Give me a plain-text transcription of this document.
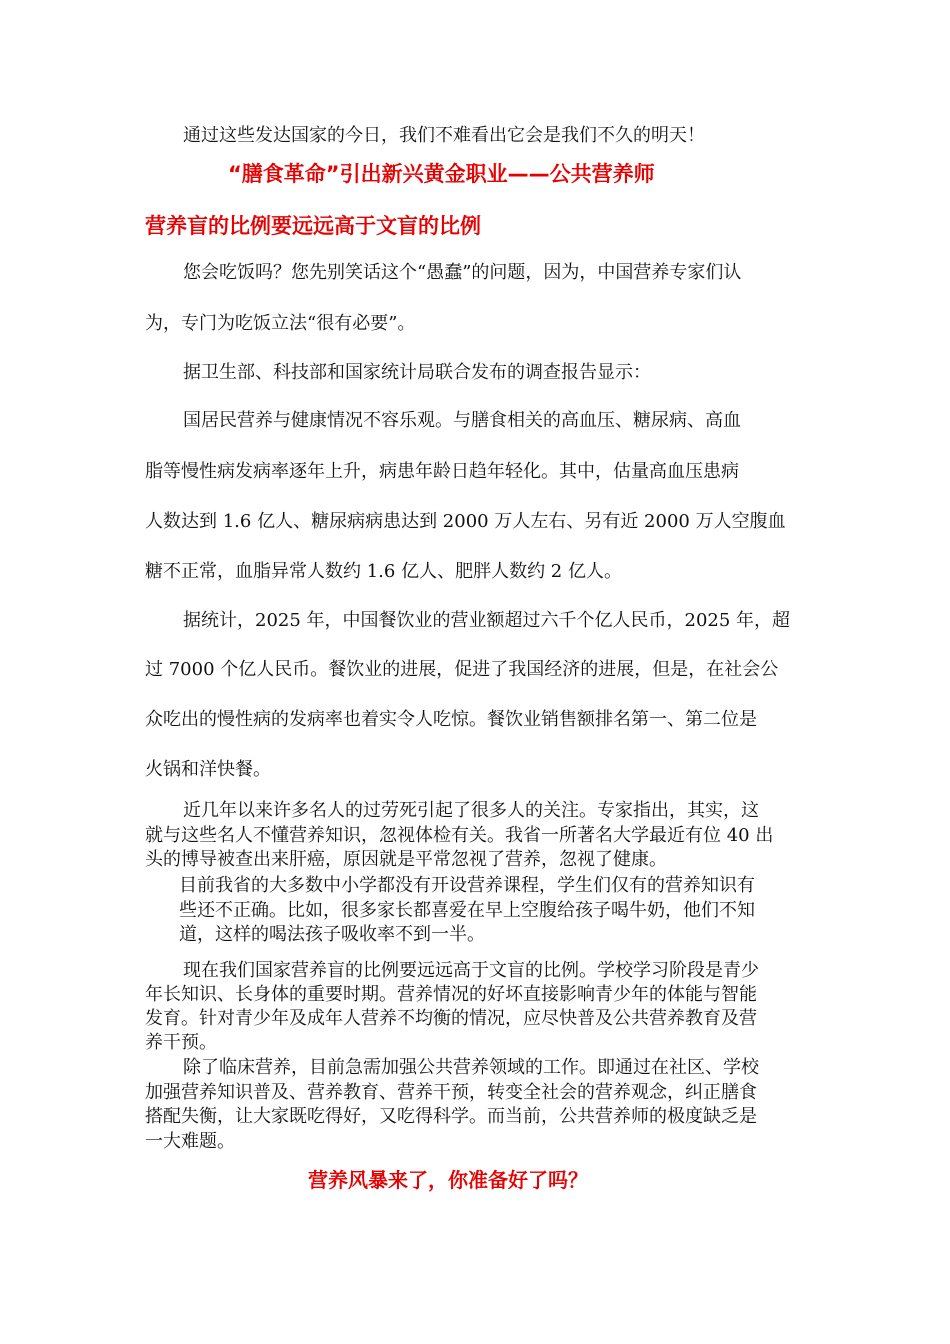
通过这些发达国家的今日，我们不难看出它会是我们不久的明天！
“膳食革命”引出新兴黄金职业——公共营养师
营养盲的比例要远远高于文盲的比例
您会吃饭吗？您先别笑话这个“愚蠢”的问题，因为，中国营养专家们认
为，专门为吃饭立法“很有必要”。
据卫生部、科技部和国家统计局联合发布的调查报告显示：
国居民营养与健康情况不容乐观。与膳食相关的高血压、糖尿病、高血
脂等慢性病发病率逐年上升，病患年龄日趋年轻化。其中，估量高血压患病
人数达到 1.6 亿人、糖尿病病患达到 2000 万人左右、另有近 2000 万人空腹血
糖不正常，血脂异常人数约 1.6 亿人、肥胖人数约 2 亿人。
据统计，2025 年，中国餐饮业的营业额超过六千个亿人民币，2025 年，超
过 7000 个亿人民币。餐饮业的进展，促进了我国经济的进展，但是，在社会公
众吃出的慢性病的发病率也着实令人吃惊。餐饮业销售额排名第一、第二位是
火锅和洋快餐。
近几年以来许多名人的过劳死引起了很多人的关注。专家指出，其实，这
就与这些名人不懂营养知识，忽视体检有关。我省一所著名大学最近有位 40 出
头的博导被查出来肝癌，原因就是平常忽视了营养，忽视了健康。
目前我省的大多数中小学都没有开设营养课程，学生们仅有的营养知识有
些还不正确。比如，很多家长都喜爱在早上空腹给孩子喝牛奶，他们不知
道，这样的喝法孩子吸收率不到一半。
现在我们国家营养盲的比例要远远高于文盲的比例。学校学习阶段是青少
年长知识、长身体的重要时期。营养情况的好坏直接影响青少年的体能与智能
发育。针对青少年及成年人营养不均衡的情况，应尽快普及公共营养教育及营
养干预。
除了临床营养，目前急需加强公共营养领域的工作。即通过在社区、学校
加强营养知识普及、营养教育、营养干预，转变全社会的营养观念，纠正膳食
搭配失衡，让大家既吃得好，又吃得科学。而当前，公共营养师的极度缺乏是
一大难题。
营养风暴来了，你准备好了吗？
